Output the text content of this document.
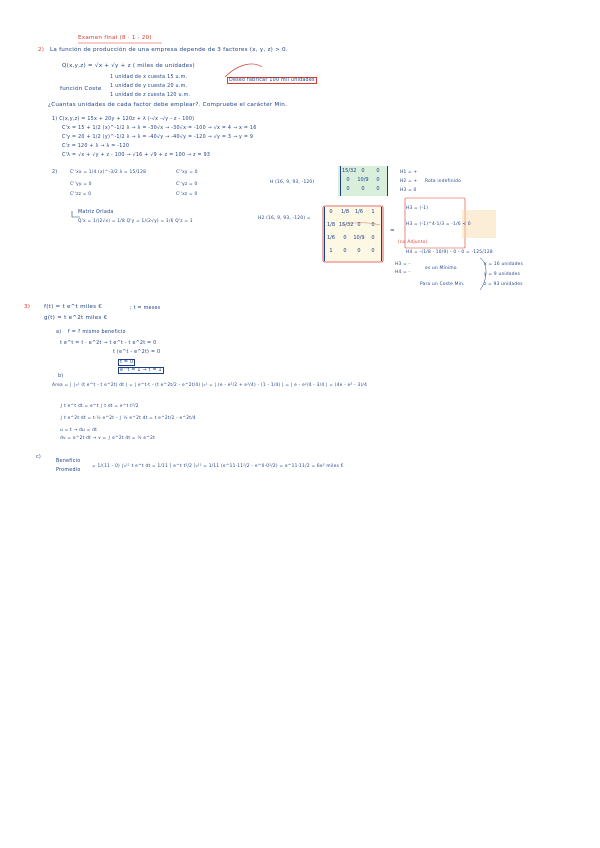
Examen final (8 · 1 · 20)
2) La función de producción de una empresa depende de 3 factores (x, y, z) > 0.
Q(x,y,z) = √x + √y + z ( miles de unidades)
función Coste
1 unidad de x cuesta 15 u.m.
1 unidad de y cuesta 20 u.m.
1 unidad de z cuesta 120 u.m.
Deseo fabricar 100 mil unidades
¿Cuantas unidades de cada factor debe emplear?. Compruebe el carácter Min.
1) C(x,y,z) = 15x + 20y + 120z + λ (-√x -√y - z - 100)
C'x = 15 + 1/2 (x)^-1/2 λ → λ = -30√x → -30√x = -100 → √x = 4 → x = 16
C'y = 20 + 1/2 (y)^-1/2 λ → λ = -40√y → -40√y = -120 → √y = 3 → y = 9
C'z = 120 + λ → λ = -120
C'λ = √x + √y + z - 100 → √16 + √9 + z = 100 → z = 93
2)	C''xx = 1/4 (x)^-3/2 λ = 15/128
C''yy = 0
C''zz = 0
C''xy = 0
C''yz = 0
C''xz = 0
H (16, 9, 93, -120)
15/32 0	0
0	10/9	0
0	0	0
H1 = +
H2 = +
H3 = 0
Rota indefinido
Matriz Orlada
Q'x = 1/(2√x) = 1/8 Q'y = 1/(2√y) = 1/6 Q'z = 1
H2 (16, 9, 93, -120) =
0	1/8	1/6	1
1/8 15/32 0	0
1/6	0	10/9	0
1	0	0	0
=
H3 = (-1)
H3 = (-1)^4·1/3 = -1/6 < 0
(no Adjunto)
H4 = -(1/8 · 10/9) - 0 - 0 = -125/128
H3 = -
H4 = -
es un Mínimo
Para un Coste Min.
x = 16 unidades
y = 9 unidades
z = 93 unidades
3) f(t) = t e^t miles €	; t = meses
g(t) = t e^2t miles €
a) f = ? mismo beneficio
t e^t = t · e^2t → t e^t - t e^2t = 0
t (e^t - e^2t) = 0
t = 0
e^t = 1 → t = 1
b)
Area = | ∫₀¹ (t e^t - t e^2t) dt | = | e^t·t - (t e^2t/2 - e^2t/4) |₀¹ = | (e - e²/2 + e²/4) - (1 - 1/4) | = | e - e²/4 - 3/4 | = (4e - e² - 3)/4
∫ t e^t dt = e^t ∫ t dt = e^t t²/2
∫ t e^2t dt = t·½ e^2t - ∫ ½ e^2t dt = t e^2t/2 - e^2t/4
u = t → du = dt
dv = e^2t dt → v = ∫ e^2t dt = ½ e^2t
c)
Beneficio
Promedio
= 1/(11 - 0) ∫₀¹¹ t e^t dt = 1/11 [ e^t t²/2 ]₀¹¹ = 1/11 (e^11·11²/2 - e^0·0²/2) = e^11·11/2 = 6e³ miles €
